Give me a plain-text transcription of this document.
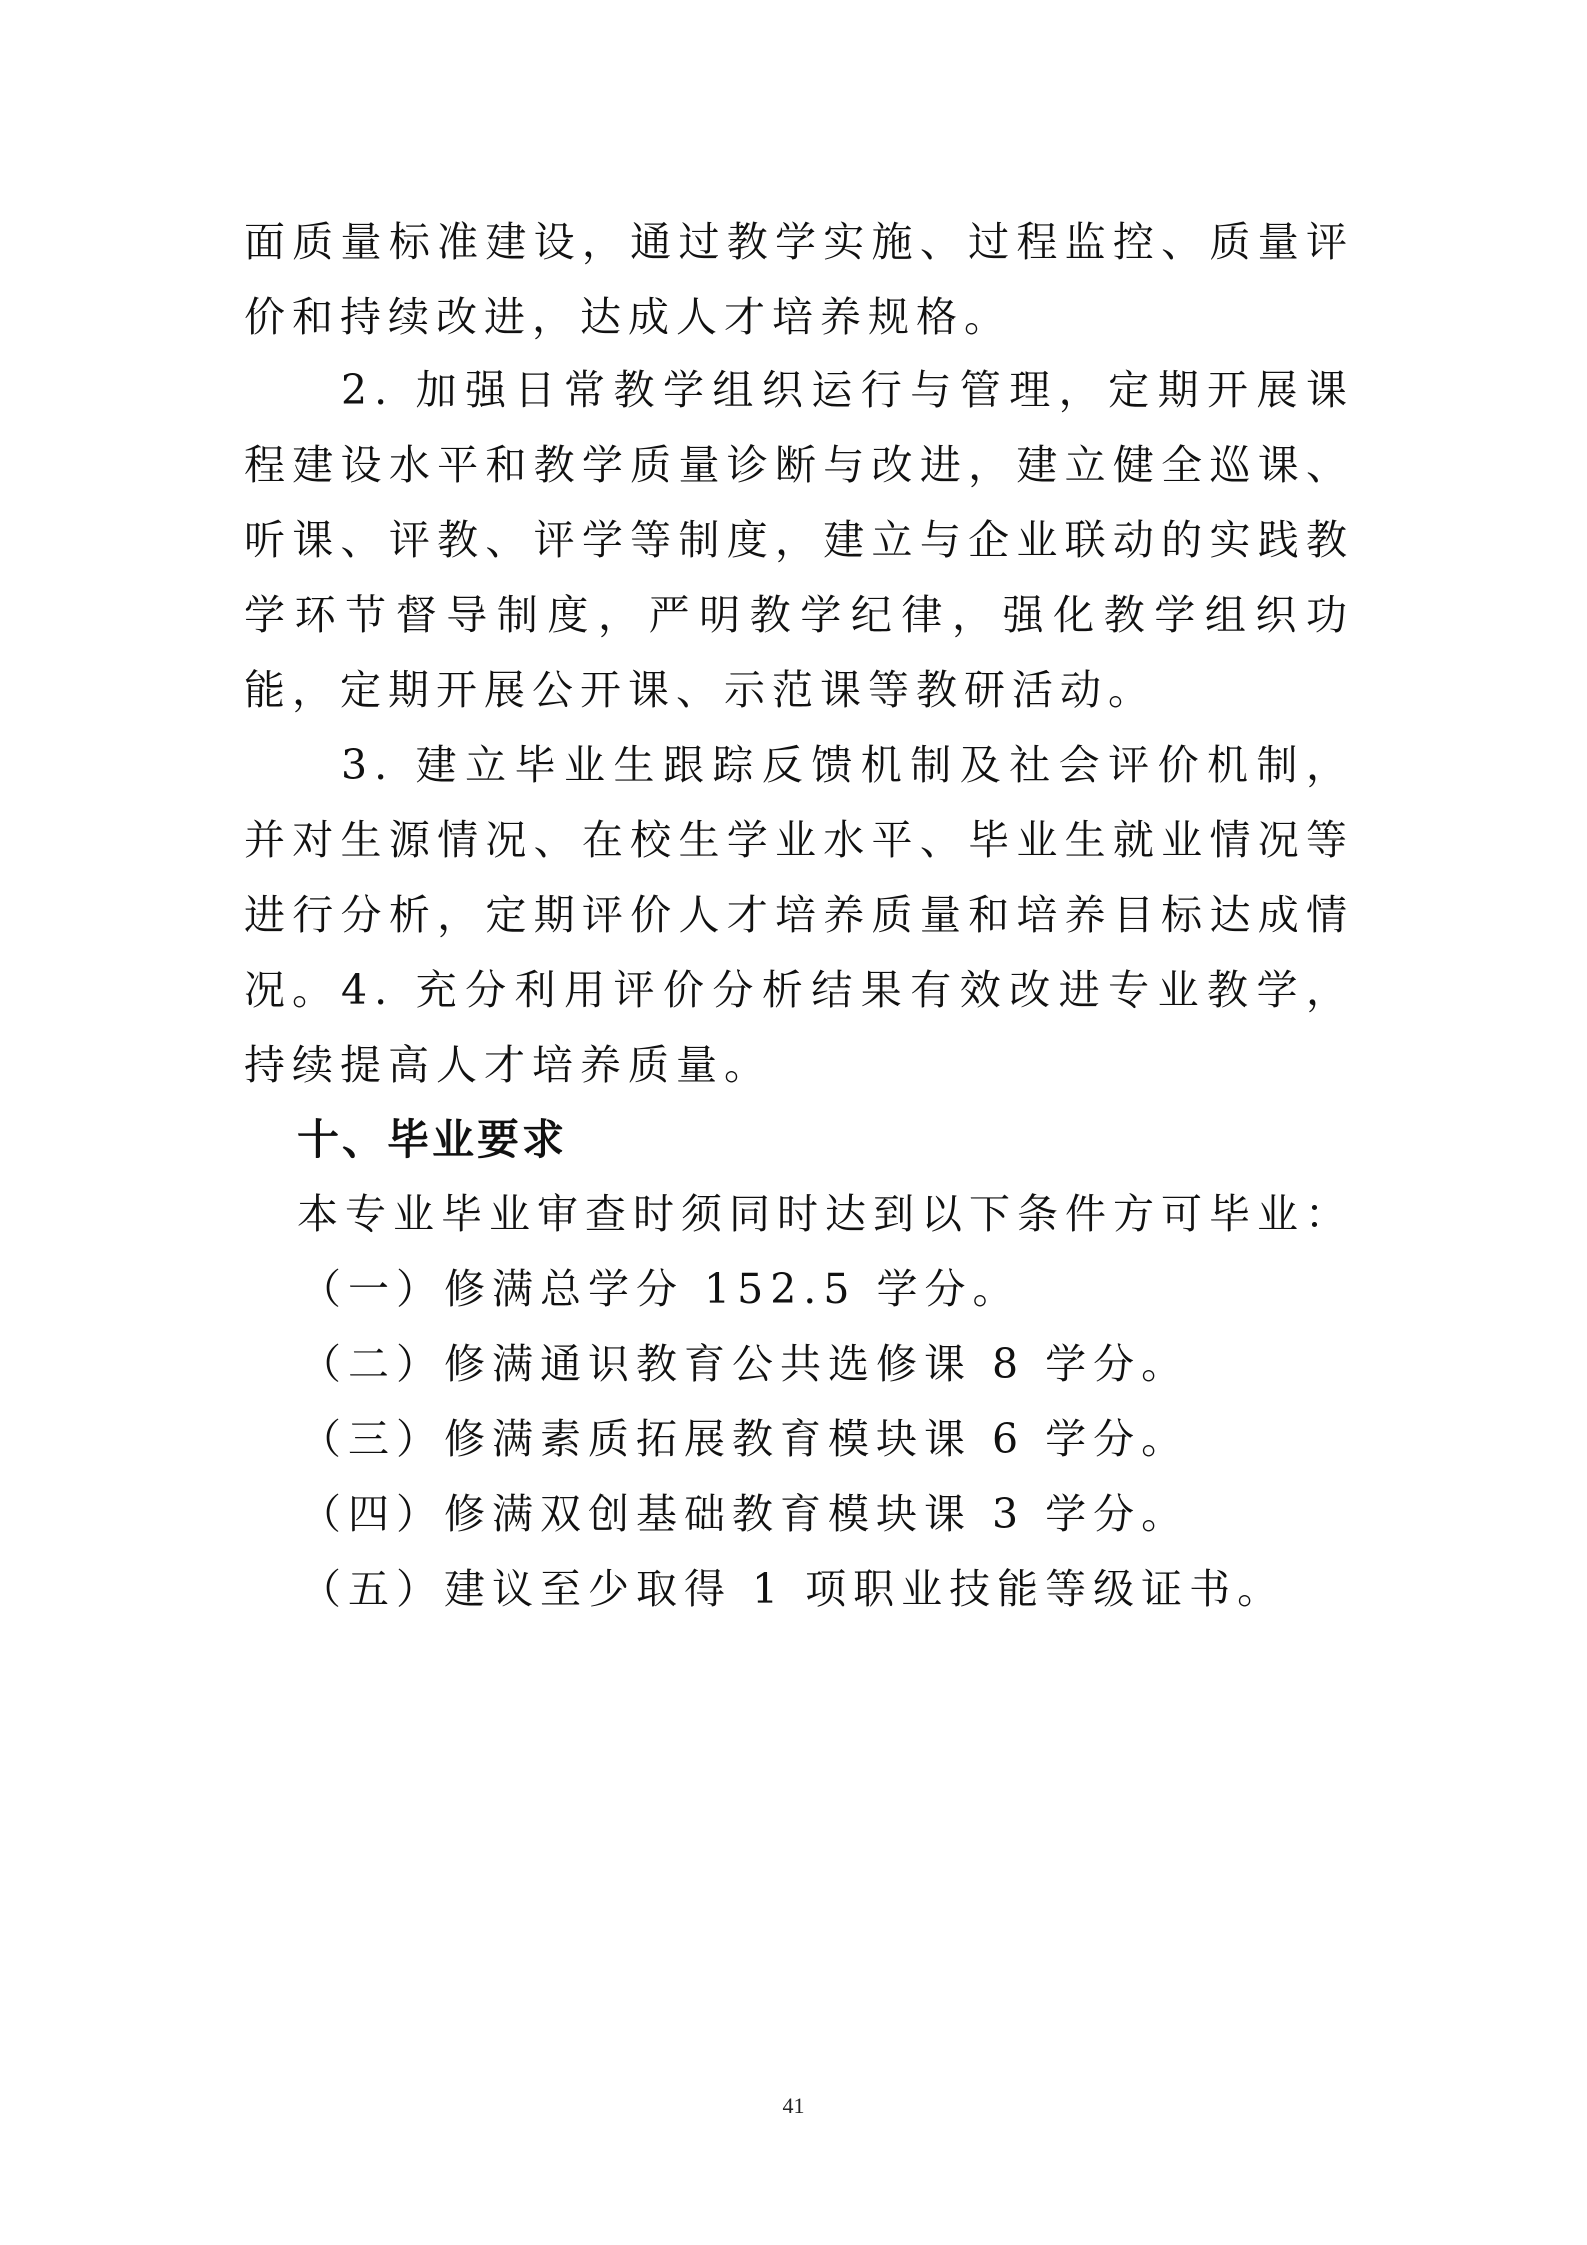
面质量标准建设，通过教学实施、过程监控、质量评价和持续改进，达成人才培养规格。

2. 加强日常教学组织运行与管理，定期开展课程建设水平和教学质量诊断与改进，建立健全巡课、听课、评教、评学等制度，建立与企业联动的实践教学环节督导制度，严明教学纪律，强化教学组织功能，定期开展公开课、示范课等教研活动。

3. 建立毕业生跟踪反馈机制及社会评价机制，并对生源情况、在校生学业水平、毕业生就业情况等进行分析，定期评价人才培养质量和培养目标达成情况。 4. 充分利用评价分析结果有效改进专业教学，持续提高人才培养质量。

十、毕业要求
本专业毕业审查时须同时达到以下条件方可毕业：
（一）修满总学分 152.5 学分。
（二）修满通识教育公共选修课 8 学分。
（三）修满素质拓展教育模块课 6 学分。
（四）修满双创基础教育模块课 3 学分。
（五）建议至少取得 1 项职业技能等级证书。
41
